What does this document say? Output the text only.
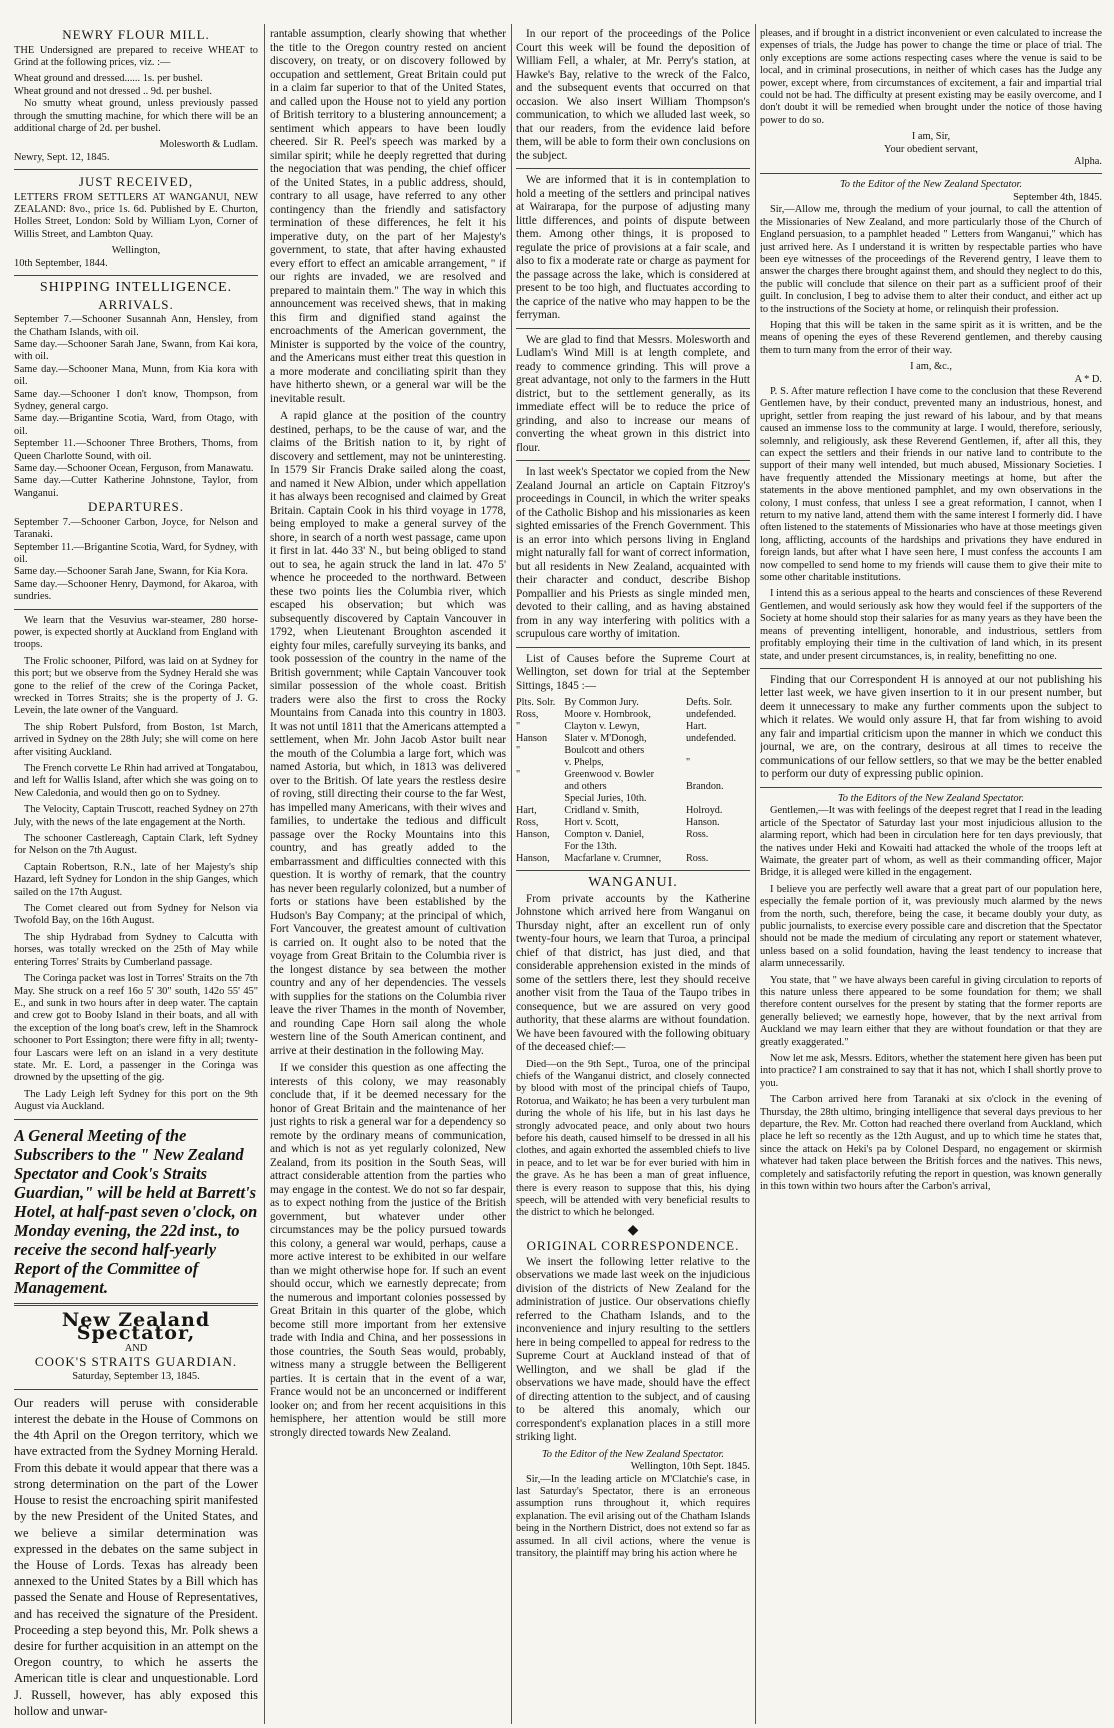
NEWRY FLOUR MILL.
THE Undersigned are prepared to receive WHEAT to Grind at the following prices, viz. :—
Wheat ground and dressed...... 1s. per bushel.
Wheat ground and not dressed .. 9d. per bushel.
No smutty wheat ground, unless previously passed through the smutting machine, for which there will be an additional charge of 2d. per bushel.
Molesworth & Ludlam.
Newry, Sept. 12, 1845.
JUST RECEIVED,
LETTERS FROM SETTLERS AT WANGANUI, NEW ZEALAND: 8vo., price 1s. 6d. Published by E. Churton, Holles Street, London: Sold by William Lyon, Corner of Willis Street, and Lambton Quay.
Wellington,
10th September, 1844.
SHIPPING INTELLIGENCE.
ARRIVALS.
September 7.—Schooner Susannah Ann, Hensley, from the Chatham Islands, with oil.
Same day.—Schooner Sarah Jane, Swann, from Kai kora, with oil.
Same day.—Schooner Mana, Munn, from Kia kora with oil.
Same day.—Schooner I don't know, Thompson, from Sydney, general cargo.
Same day.—Brigantine Scotia, Ward, from Otago, with oil.
September 11.—Schooner Three Brothers, Thoms, from Queen Charlotte Sound, with oil.
Same day.—Schooner Ocean, Ferguson, from Manawatu.
Same day.—Cutter Katherine Johnstone, Taylor, from Wanganui.
DEPARTURES.
September 7.—Schooner Carbon, Joyce, for Nelson and Taranaki.
September 11.—Brigantine Scotia, Ward, for Sydney, with oil.
Same day.—Schooner Sarah Jane, Swann, for Kia Kora.
Same day.—Schooner Henry, Daymond, for Akaroa, with sundries.
We learn that the Vesuvius war-steamer, 280 horse-power, is expected shortly at Auckland from England with troops.
The Frolic schooner, Pilford, was laid on at Sydney for this port; but we observe from the Sydney Herald she was gone to the relief of the crew of the Coringa Packet, wrecked in Torres Straits; she is the property of J. G. Levein, the late owner of the Vanguard.
The ship Robert Pulsford, from Boston, 1st March, arrived in Sydney on the 28th July; she will come on here after visiting Auckland.
The French corvette Le Rhin had arrived at Tongatabou, and left for Wallis Island, after which she was going on to New Caledonia, and would then go on to Sydney.
The Velocity, Captain Truscott, reached Sydney on 27th July, with the news of the late engagement at the North.
The schooner Castlereagh, Captain Clark, left Sydney for Nelson on the 7th August.
Captain Robertson, R.N., late of her Majesty's ship Hazard, left Sydney for London in the ship Ganges, which sailed on the 17th August.
The Comet cleared out from Sydney for Nelson via Twofold Bay, on the 16th August.
The ship Hydrabad from Sydney to Calcutta with horses, was totally wrecked on the 25th of May while entering Torres' Straits by Cumberland passage.
The Coringa packet was lost in Torres' Straits on the 7th May. She struck on a reef 16o 5' 30" south, 142o 55' 45" E., and sunk in two hours after in deep water. The captain and crew got to Booby Island in their boats, and all with the exception of the long boat's crew, left in the Shamrock schooner to Port Essington; there were fifty in all; twenty-four Lascars were left on an island in a very destitute state. Mr. E. Lord, a passenger in the Coringa was drowned by the upsetting of the gig.
The Lady Leigh left Sydney for this port on the 9th August via Auckland.
A General Meeting of the Subscribers to the " New Zealand Spectator and Cook's Straits Guardian," will be held at Barrett's Hotel, at half-past seven o'clock, on Monday evening, the 22d inst., to receive the second half-yearly Report of the Committee of Management.
New Zealand Spectator,
AND
COOK'S STRAITS GUARDIAN.
Saturday, September 13, 1845.
Our readers will peruse with considerable interest the debate in the House of Commons on the 4th April on the Oregon territory, which we have extracted from the Sydney Morning Herald. From this debate it would appear that there was a strong determination on the part of the Lower House to resist the encroaching spirit manifested by the new President of the United States, and we believe a similar determination was expressed in the debates on the same subject in the House of Lords. Texas has already been annexed to the United States by a Bill which has passed the Senate and House of Representatives, and has received the signature of the President. Proceeding a step beyond this, Mr. Polk shews a desire for further acquisition in an attempt on the Oregon country, to which he asserts the American title is clear and unquestionable. Lord J. Russell, however, has ably exposed this hollow and unwar-
rantable assumption, clearly showing that whether the title to the Oregon country rested on ancient discovery, on treaty, or on discovery followed by occupation and settlement, Great Britain could put in a claim far superior to that of the United States, and called upon the House not to yield any portion of British territory to a blustering announcement; a sentiment which appears to have been loudly cheered. Sir R. Peel's speech was marked by a similar spirit; while he deeply regretted that during the negociation that was pending, the chief officer of the United States, in a public address, should, contrary to all usage, have referred to any other contingency than the friendly and satisfactory termination of these differences, he felt it his imperative duty, on the part of her Majesty's government, to state, that after having exhausted every effort to effect an amicable arrangement, " if our rights are invaded, we are resolved and prepared to maintain them." The way in which this announcement was received shews, that in making this firm and dignified stand against the encroachments of the American government, the Minister is supported by the voice of the country, and the Americans must either treat this question in a more moderate and conciliating spirit than they have hitherto shewn, or a general war will be the inevitable result.
A rapid glance at the position of the country destined, perhaps, to be the cause of war, and the claims of the British nation to it, by right of discovery and settlement, may not be uninteresting. In 1579 Sir Francis Drake sailed along the coast, and named it New Albion, under which appellation it has always been recognised and claimed by Great Britain. Captain Cook in his third voyage in 1778, being employed to make a general survey of the shore, in search of a north west passage, came upon it first in lat. 44o 33' N., but being obliged to stand out to sea, he again struck the land in lat. 47o 5' whence he proceeded to the northward. Between these two points lies the Columbia river, which escaped his observation; but which was subsequently discovered by Captain Vancouver in 1792, when Lieutenant Broughton ascended it eighty four miles, carefully surveying its banks, and took possession of the country in the name of the British government; while Captain Vancouver took similar possession of the whole coast. British traders were also the first to cross the Rocky Mountains from Canada into this country in 1803. It was not until 1811 that the Americans attempted a settlement, when Mr. John Jacob Astor built near the mouth of the Columbia a large fort, which was named Astoria, but which, in 1813 was delivered over to the British. Of late years the restless desire of roving, still directing their course to the far West, has impelled many Americans, with their wives and families, to undertake the tedious and difficult passage over the Rocky Mountains into this country, and has greatly added to the embarrassment and difficulties connected with this question. It is worthy of remark, that the country has never been regularly colonized, but a number of forts or stations have been established by the Hudson's Bay Company; at the principal of which, Fort Vancouver, the greatest amount of cultivation is carried on. It ought also to be noted that the voyage from Great Britain to the Columbia river is the longest distance by sea between the mother country and any of her dependencies. The vessels with supplies for the stations on the Columbia river leave the river Thames in the month of November, and rounding Cape Horn sail along the whole western line of the South American continent, and arrive at their destination in the following May.
If we consider this question as one affecting the interests of this colony, we may reasonably conclude that, if it be deemed necessary for the honor of Great Britain and the maintenance of her just rights to risk a general war for a dependency so remote by the ordinary means of communication, and which is not as yet regularly colonized, New Zealand, from its position in the South Seas, will attract considerable attention from the parties who may engage in the contest. We do not so far despair, as to expect nothing from the justice of the British government, but whatever under other circumstances may be the policy pursued towards this colony, a general war would, perhaps, cause a more active interest to be exhibited in our welfare than we might otherwise hope for. If such an event should occur, which we earnestly deprecate; from the numerous and important colonies possessed by Great Britain in this quarter of the globe, which become still more important from her extensive trade with India and China, and her possessions in those countries, the South Seas would, probably, witness many a struggle between the Belligerent parties. It is certain that in the event of a war, France would not be an unconcerned or indifferent looker on; and from her recent acquisitions in this hemisphere, her attention would be still more strongly directed towards New Zealand.
In our report of the proceedings of the Police Court this week will be found the deposition of William Fell, a whaler, at Mr. Perry's station, at Hawke's Bay, relative to the wreck of the Falco, and the subsequent events that occurred on that occasion. We also insert William Thompson's communication, to which we alluded last week, so that our readers, from the evidence laid before them, will be able to form their own conclusions on the subject.
We are informed that it is in contemplation to hold a meeting of the settlers and principal natives at Wairarapa, for the purpose of adjusting many little differences, and points of dispute between them. Among other things, it is proposed to regulate the price of provisions at a fair scale, and also to fix a moderate rate or charge as payment for the passage across the lake, which is considered at present to be too high, and fluctuates according to the caprice of the native who may happen to be the ferryman.
We are glad to find that Messrs. Molesworth and Ludlam's Wind Mill is at length complete, and ready to commence grinding. This will prove a great advantage, not only to the farmers in the Hutt district, but to the settlement generally, as its immediate effect will be to reduce the price of grinding, and also to increase our means of converting the wheat grown in this district into flour.
In last week's Spectator we copied from the New Zealand Journal an article on Captain Fitzroy's proceedings in Council, in which the writer speaks of the Catholic Bishop and his missionaries as keen sighted emissaries of the French Government. This is an error into which persons living in England might naturally fall for want of correct information, but all residents in New Zealand, acquainted with their character and conduct, describe Bishop Pompallier and his Priests as single minded men, devoted to their calling, and as having abstained from in any way interfering with politics with a scrupulous care worthy of imitation.
List of Causes before the Supreme Court at Wellington, set down for trial at the September Sittings, 1845 :—
Plts. Solr.	By Common Jury.	Defts. Solr.
Ross,	Moore v. Hornbrook,	undefended.
"	Clayton v. Lewyn,	Hart.
Hanson	Slater v. M'Donogh,	undefended.
"	Boulcott and others	
	v. Phelps,	"
"	Greenwood v. Bowler	
	and others	Brandon.
	Special Juries, 10th.	
Hart,	Cridland v. Smith,	Holroyd.
Ross,	Hort v. Scott,	Hanson.
Hanson,	Compton v. Daniel,	Ross.
	For the 13th.	
Hanson,	Macfarlane v. Crumner,	Ross.
WANGANUI.
From private accounts by the Katherine Johnstone which arrived here from Wanganui on Thursday night, after an excellent run of only twenty-four hours, we learn that Turoa, a principal chief of that district, has just died, and that considerable apprehension existed in the minds of some of the settlers there, lest they should receive another visit from the Taua of the Taupo tribes in consequence, but we are assured on very good authority, that these alarms are without foundation. We have been favoured with the following obituary of the deceased chief:—
Died—on the 9th Sept., Turoa, one of the principal chiefs of the Wanganui district, and closely connected by blood with most of the principal chiefs of Taupo, Rotorua, and Waikato; he has been a very turbulent man during the whole of his life, but in his last days he strongly advocated peace, and only about two hours before his death, caused himself to be dressed in all his clothes, and again exhorted the assembled chiefs to live in peace, and to let war be for ever buried with him in the grave. As he has been a man of great influence, there is every reason to suppose that this, his dying speech, will be attended with very beneficial results to the district to which he belonged.
◆
ORIGINAL CORRESPONDENCE.
We insert the following letter relative to the observations we made last week on the injudicious division of the districts of New Zealand for the administration of justice. Our observations chiefly referred to the Chatham Islands, and to the inconvenience and injury resulting to the settlers here in being compelled to appeal for redress to the Supreme Court at Auckland instead of that of Wellington, and we shall be glad if the observations we have made, should have the effect of directing attention to the subject, and of causing to be altered this anomaly, which our correspondent's explanation places in a still more striking light.
To the Editor of the New Zealand Spectator.
Wellington, 10th Sept. 1845.
Sir,—In the leading article on M'Clatchie's case, in last Saturday's Spectator, there is an erroneous assumption runs throughout it, which requires explanation. The evil arising out of the Chatham Islands being in the Northern District, does not extend so far as assumed. In all civil actions, where the venue is transitory, the plaintiff may bring his action where he
pleases, and if brought in a district inconvenient or even calculated to increase the expenses of trials, the Judge has power to change the time or place of trial. The only exceptions are some actions respecting cases where the venue is said to be local, and in criminal prosecutions, in neither of which cases has the Judge any power, except where, from circumstances of excitement, a fair and impartial trial could not be had. The difficulty at present existing may be easily overcome, and I don't doubt it will be remedied when brought under the notice of those having power to do so.
I am, Sir,
Your obedient servant,
Alpha.
To the Editor of the New Zealand Spectator.
September 4th, 1845.
Sir,—Allow me, through the medium of your journal, to call the attention of the Missionaries of New Zealand, and more particularly those of the Church of England persuasion, to a pamphlet headed " Letters from Wanganui," which has just arrived here. As I understand it is written by respectable parties who have been eye witnesses of the proceedings of the Reverend gentry, I leave them to answer the charges there brought against them, and should they neglect to do this, the public will conclude that silence on their part as a sufficient proof of their guilt. In conclusion, I beg to advise them to alter their conduct, and either act up to the instructions of the Society at home, or relinquish their profession.
Hoping that this will be taken in the same spirit as it is written, and be the means of opening the eyes of these Reverend gentlemen, and thereby causing them to turn many from the error of their way.
I am, &c.,
A * D.
P. S. After mature reflection I have come to the conclusion that these Reverend Gentlemen have, by their conduct, prevented many an industrious, honest, and upright, settler from reaping the just reward of his labour, and by that means caused an immense loss to the community at large. I would, therefore, seriously, solemnly, and religiously, ask these Reverend Gentlemen, if, after all this, they can expect the settlers and their friends in our native land to contribute to the support of their many well intended, but much abused, Missionary Societies. I have frequently attended the Missionary meetings at home, but after the statements in the above mentioned pamphlet, and my own observations in the colony, I must confess, that unless I see a great reformation, I cannot, when I return to my native land, attend them with the same interest I formerly did. I have often listened to the statements of Missionaries who have at those meetings given long, afflicting, accounts of the hardships and privations they have endured in foreign lands, but after what I have seen here, I must confess the accounts I am now compelled to send home to my friends will cause them to give their mite to some other charitable institutions.
I intend this as a serious appeal to the hearts and consciences of these Reverend Gentlemen, and would seriously ask how they would feel if the supporters of the Society at home should stop their salaries for as many years as they have been the means of preventing intelligent, honorable, and industrious, settlers from profitably employing their time in the cultivation of land which, in its present state, and under present circumstances, is, in reality, benefitting no one.
Finding that our Correspondent H is annoyed at our not publishing his letter last week, we have given insertion to it in our present number, but deem it unnecessary to make any further comments upon the subject to which it relates. We would only assure H, that far from wishing to avoid any fair and impartial criticism upon the manner in which we conduct this journal, we are, on the contrary, desirous at all times to receive the communications of our fellow settlers, so that we may be the better enabled to perform our duty of expressing public opinion.
To the Editors of the New Zealand Spectator.
Gentlemen,—It was with feelings of the deepest regret that I read in the leading article of the Spectator of Saturday last your most injudicious allusion to the alarming report, which had been in circulation here for ten days previously, that the natives under Heki and Kowaiti had attacked the whole of the troops left at Waimate, the greater part of whom, as well as their commanding officer, Major Bridge, it is alleged were killed in the engagement.
I believe you are perfectly well aware that a great part of our population here, especially the female portion of it, was previously much alarmed by the news from the north, such, therefore, being the case, it became doubly your duty, as public journalists, to exercise every possible care and discretion that the Spectator should not be made the medium of circulating any report or statement whatever, unless based on a solid foundation, having the least tendency to increase that alarm unnecessarily.
You state, that " we have always been careful in giving circulation to reports of this nature unless there appeared to be some foundation for them; we shall therefore content ourselves for the present by stating that the former reports are generally believed; we earnestly hope, however, that by the next arrival from Auckland we may learn either that they are without foundation or that they are greatly exaggerated."
Now let me ask, Messrs. Editors, whether the statement here given has been put into practice? I am constrained to say that it has not, which I shall shortly prove to you.
The Carbon arrived here from Taranaki at six o'clock in the evening of Thursday, the 28th ultimo, bringing intelligence that several days previous to her departure, the Rev. Mr. Cotton had reached there overland from Auckland, which place he left so recently as the 12th August, and up to which time he states that, since the attack on Heki's pa by Colonel Despard, no engagement or skirmish whatever had taken place between the British forces and the natives. This news, completely and satisfactorily refuting the report in question, was known generally in this town within two hours after the Carbon's arrival,
